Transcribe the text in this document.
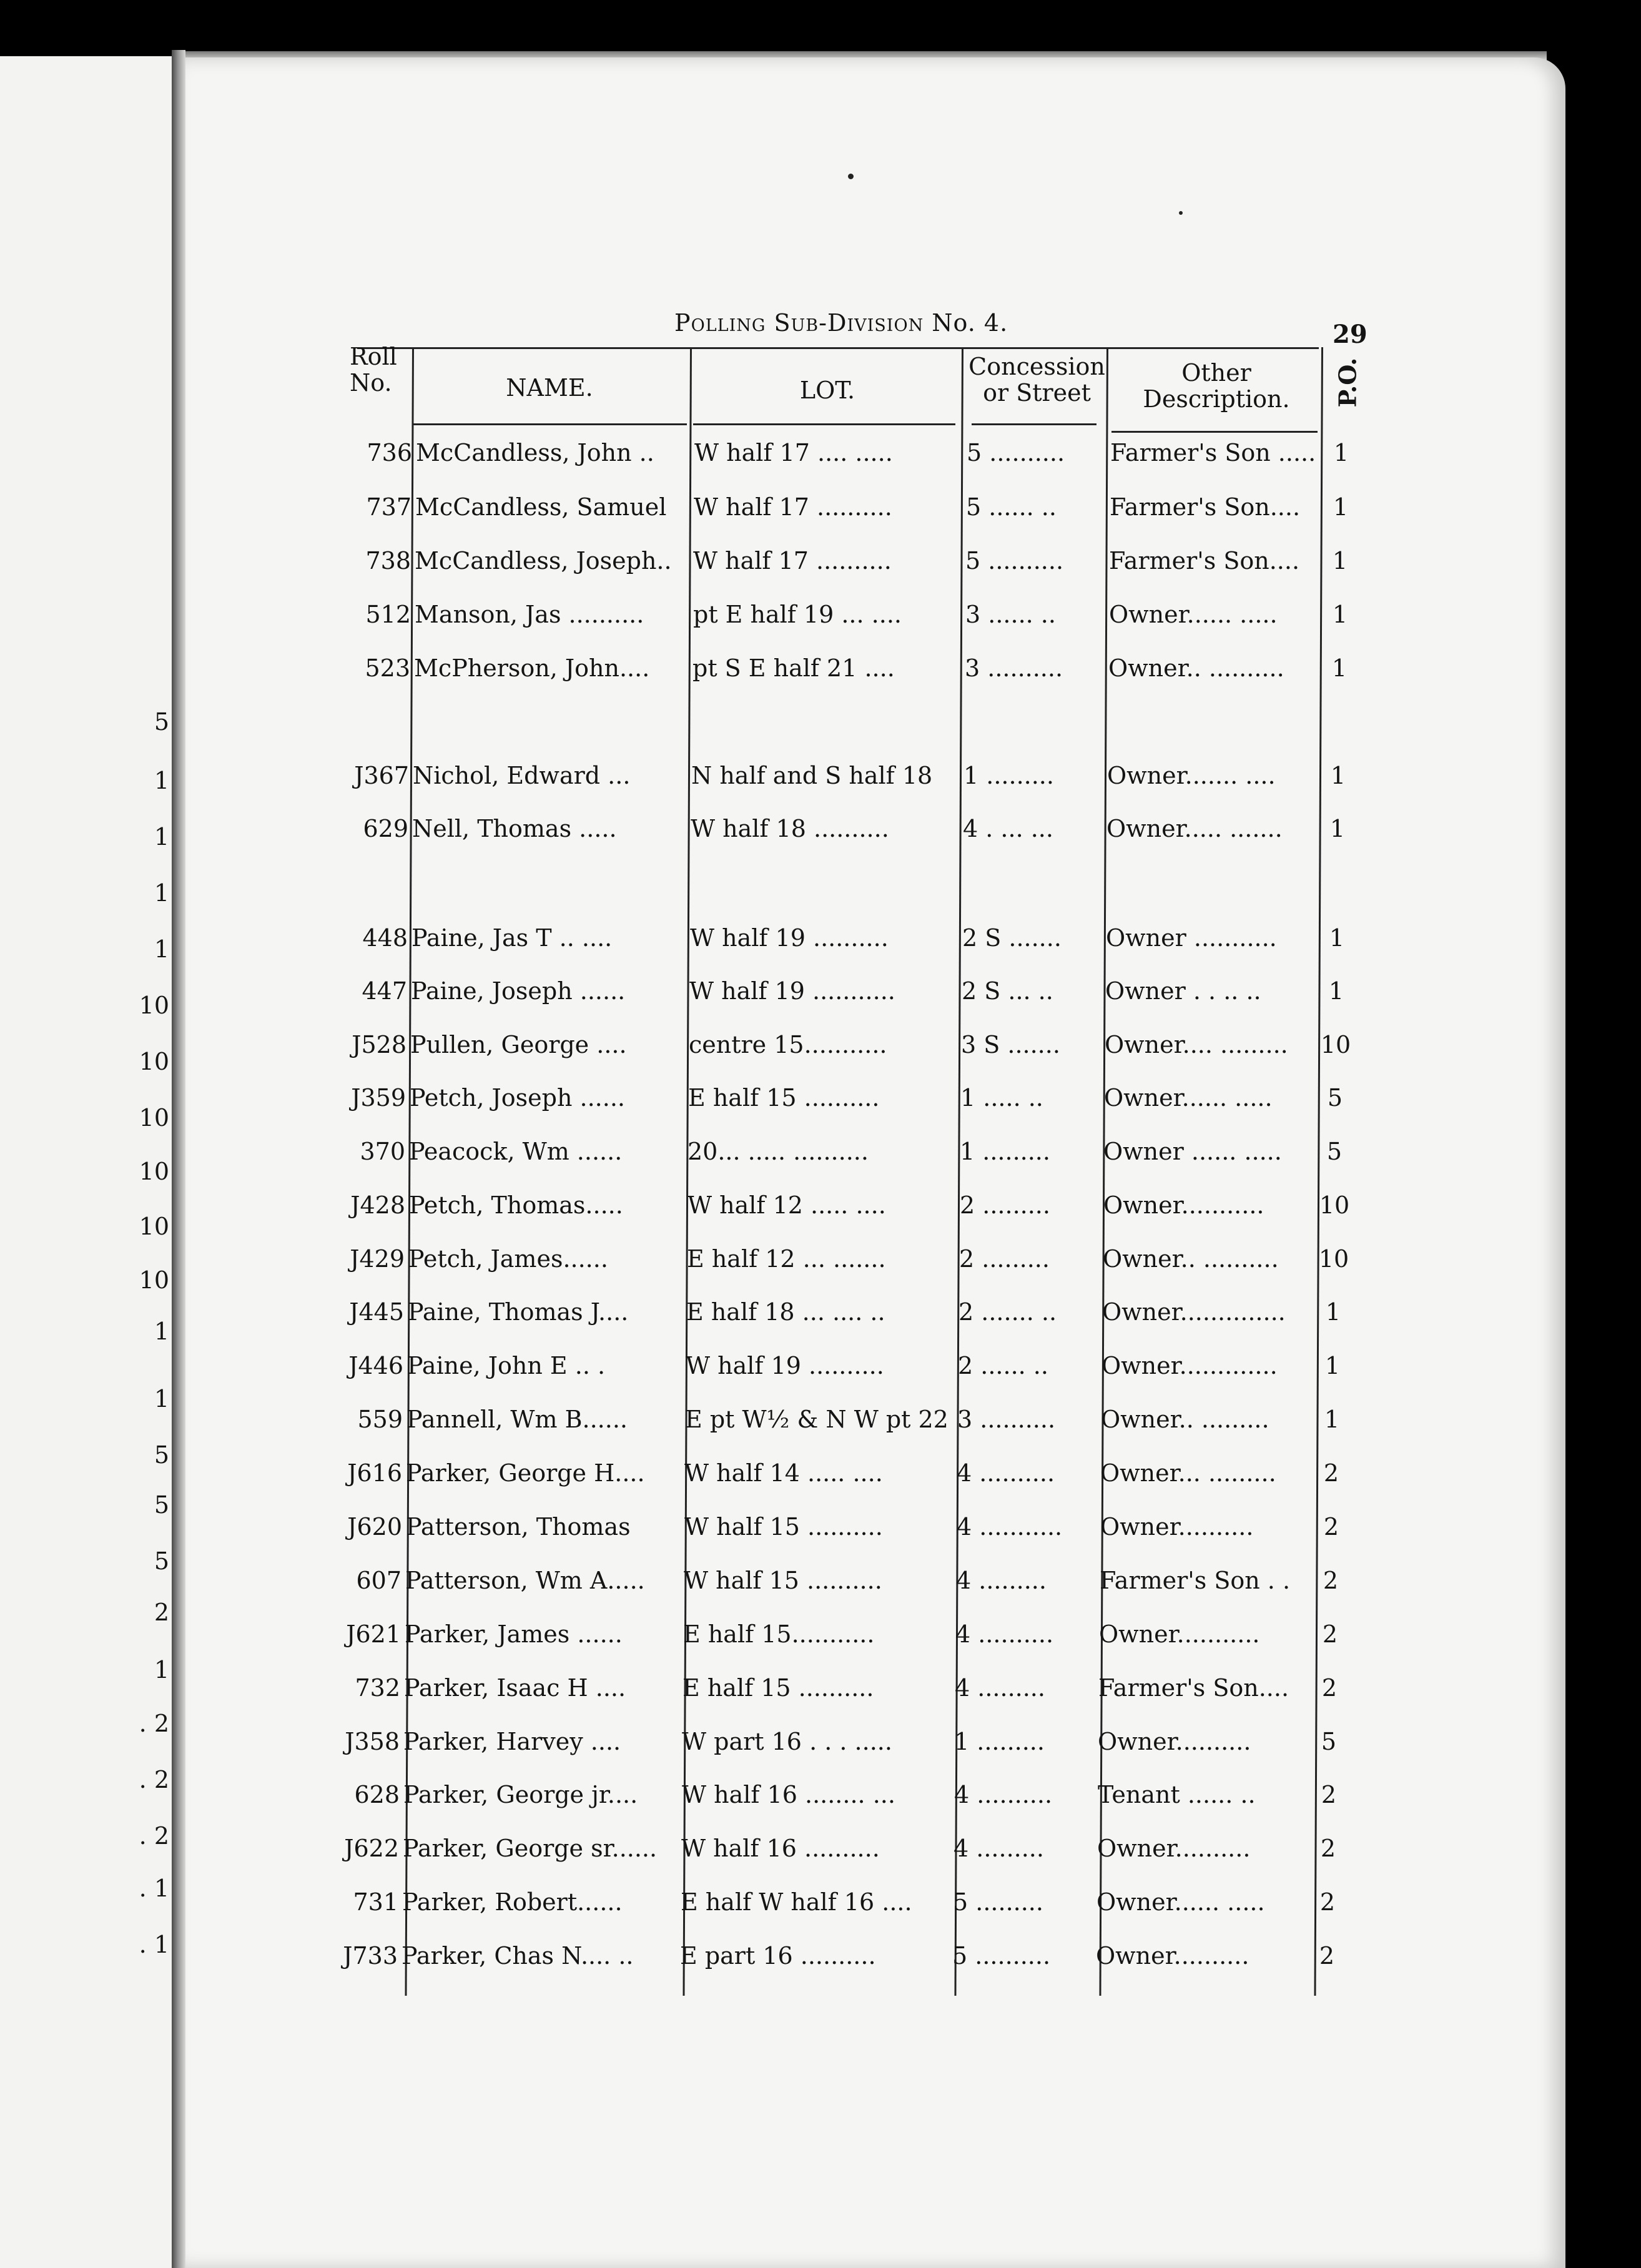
5
1
1
1
1
10
10
10
10
10
10
1
1
5
5
5
2
1
. 2
. 2
. 2
. 1
. 1
Polling Sub-Division No. 4.	29
Roll
No.	NAME.	LOT.
Concession
or Street
Other
Description.	P.O.
736 McCandless, John ..	W half 17 .... .....	5 ..........	Farmer's Son ..... 1
737 McCandless, Samuel	W half 17 ..........	5 ...... ..	Farmer's Son....	1
738 McCandless, Joseph.. W half 17 ..........	5 ..........	Farmer's Son....	1
512 Manson, Jas ..........	pt E half 19 ... ....	3 ...... ..	Owner...... .....	1
523 McPherson, John....	pt S E half 21 ....	3 ..........	Owner.. ..........	1
J367 Nichol, Edward ...	N half and S half 18	1 .........	Owner....... ....	1
629 Nell, Thomas .....	W half 18 ..........	4 . ... ...	Owner..... .......	1
448 Paine, Jas T .. ....	W half 19 ..........	2 S .......	Owner ...........	1
447 Paine, Joseph ......	W half 19 ...........	2 S ... ..	Owner . . .. ..	1
J528 Pullen, George ....	centre 15...........	3 S .......	Owner.... .........	10
J359 Petch, Joseph ......	E half 15 ..........	1 ..... ..	Owner...... .....	5
370 Peacock, Wm ......	20... ..... ..........	1 .........	Owner ...... .....	5
J428 Petch, Thomas.....	W half 12 ..... ....	2 .........	Owner...........	10
J429 Petch, James......	E half 12 ... .......	2 .........	Owner.. ..........	10
J445 Paine, Thomas J....	E half 18 ... .... ..	2 ....... ..	Owner..............	1
J446 Paine, John E .. .	W half 19 ..........	2 ...... ..	Owner.............	1
559 Pannell, Wm B......	E pt W½ & N W pt 22 3 ..........	Owner.. .........	1
J616 Parker, George H....	W half 14 ..... ....	4 ..........	Owner... .........	2
J620 Patterson, Thomas	W half 15 ..........	4 ...........	Owner..........	2
607 Patterson, Wm A.....	W half 15 ..........	4 .........	Farmer's Son . .	2
J621 Parker, James ......	E half 15...........	4 ..........	Owner...........	2
732 Parker, Isaac H ....	E half 15 ..........	4 .........	Farmer's Son....	2
J358 Parker, Harvey ....	W part 16 . . . .....	1 .........	Owner..........	5
628 Parker, George jr....	W half 16 ........ ...	4 ..........	Tenant ...... ..	2
J622 Parker, George sr......	W half 16 ..........	4 .........	Owner..........	2
731 Parker, Robert......	E half W half 16 ....	5 .........	Owner...... .....	2
J733 Parker, Chas N.... ..	E part 16 ..........	5 ..........	Owner..........	2
